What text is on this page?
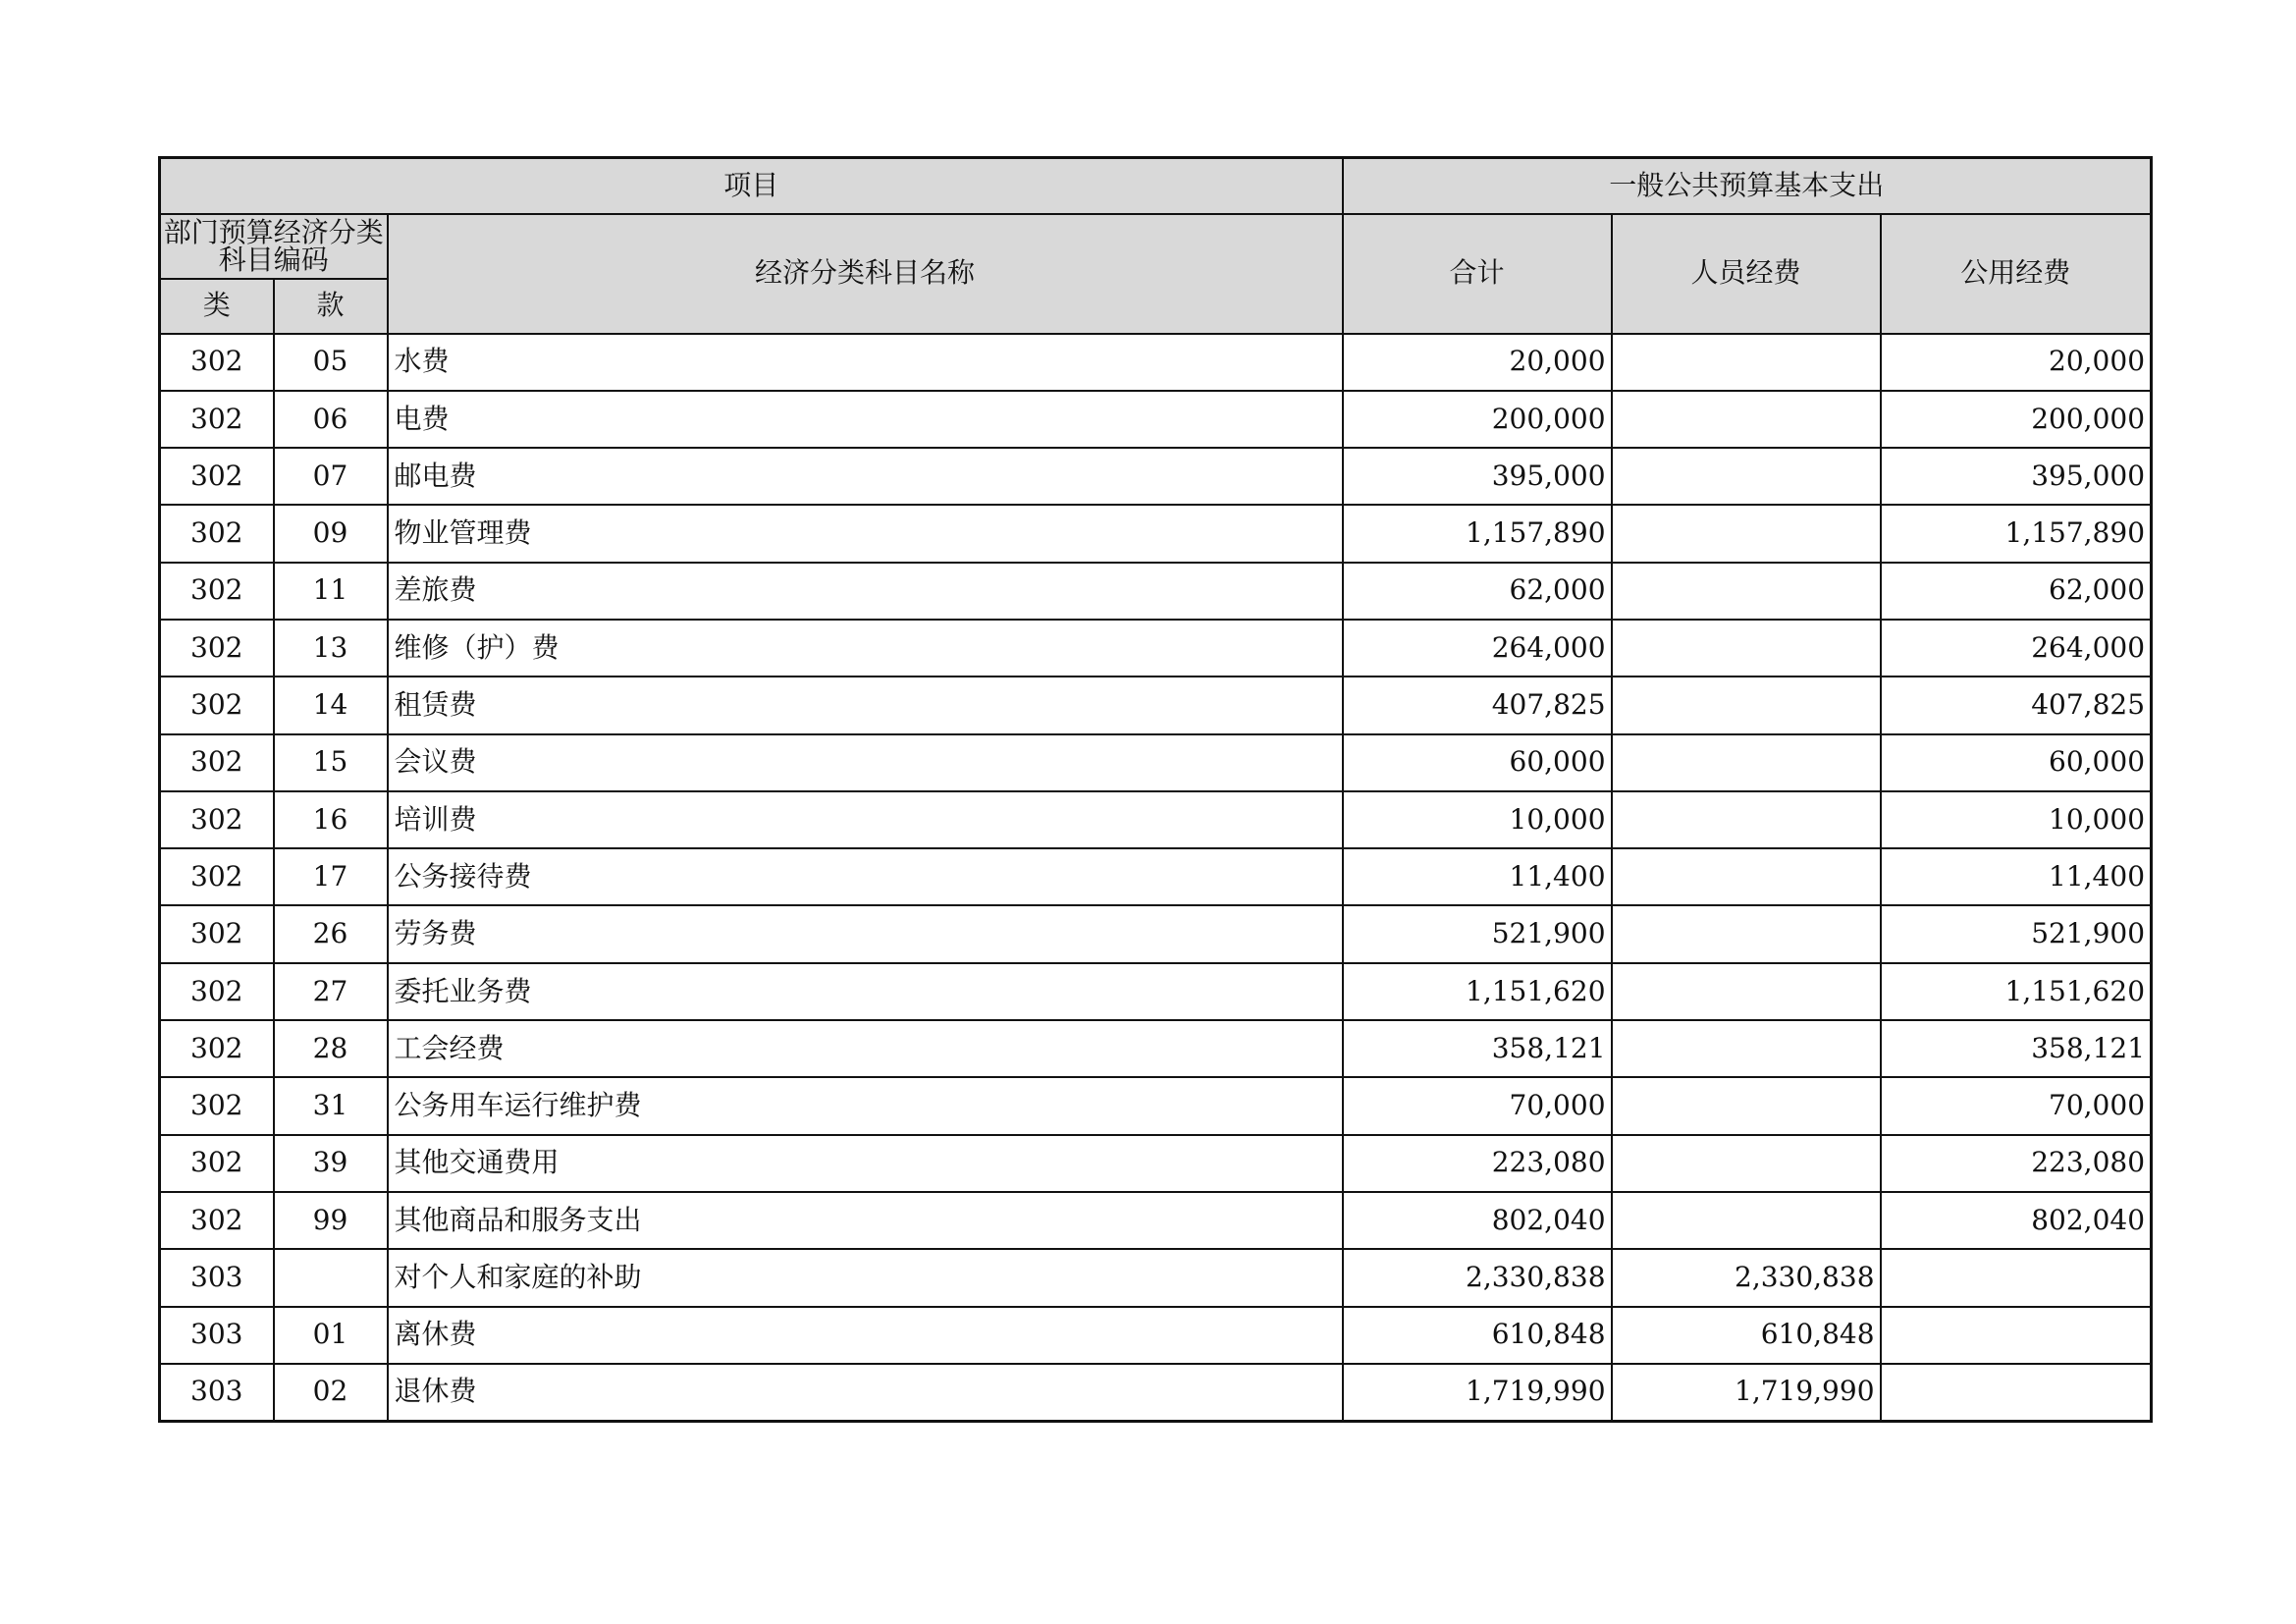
项目			一般公共预算基本支出		
部门预算经济分类科目编码		经济分类科目名称	合计	人员经费	公用经费
类	款				
302	05	水费	20,000		20,000
302	06	电费	200,000		200,000
302	07	邮电费	395,000		395,000
302	09	物业管理费	1,157,890		1,157,890
302	11	差旅费	62,000		62,000
302	13	维修（护）费	264,000		264,000
302	14	租赁费	407,825		407,825
302	15	会议费	60,000		60,000
302	16	培训费	10,000		10,000
302	17	公务接待费	11,400		11,400
302	26	劳务费	521,900		521,900
302	27	委托业务费	1,151,620		1,151,620
302	28	工会经费	358,121		358,121
302	31	公务用车运行维护费	70,000		70,000
302	39	其他交通费用	223,080		223,080
302	99	其他商品和服务支出	802,040		802,040
303		对个人和家庭的补助	2,330,838	2,330,838	
303	01	离休费	610,848	610,848	
303	02	退休费	1,719,990	1,719,990	
